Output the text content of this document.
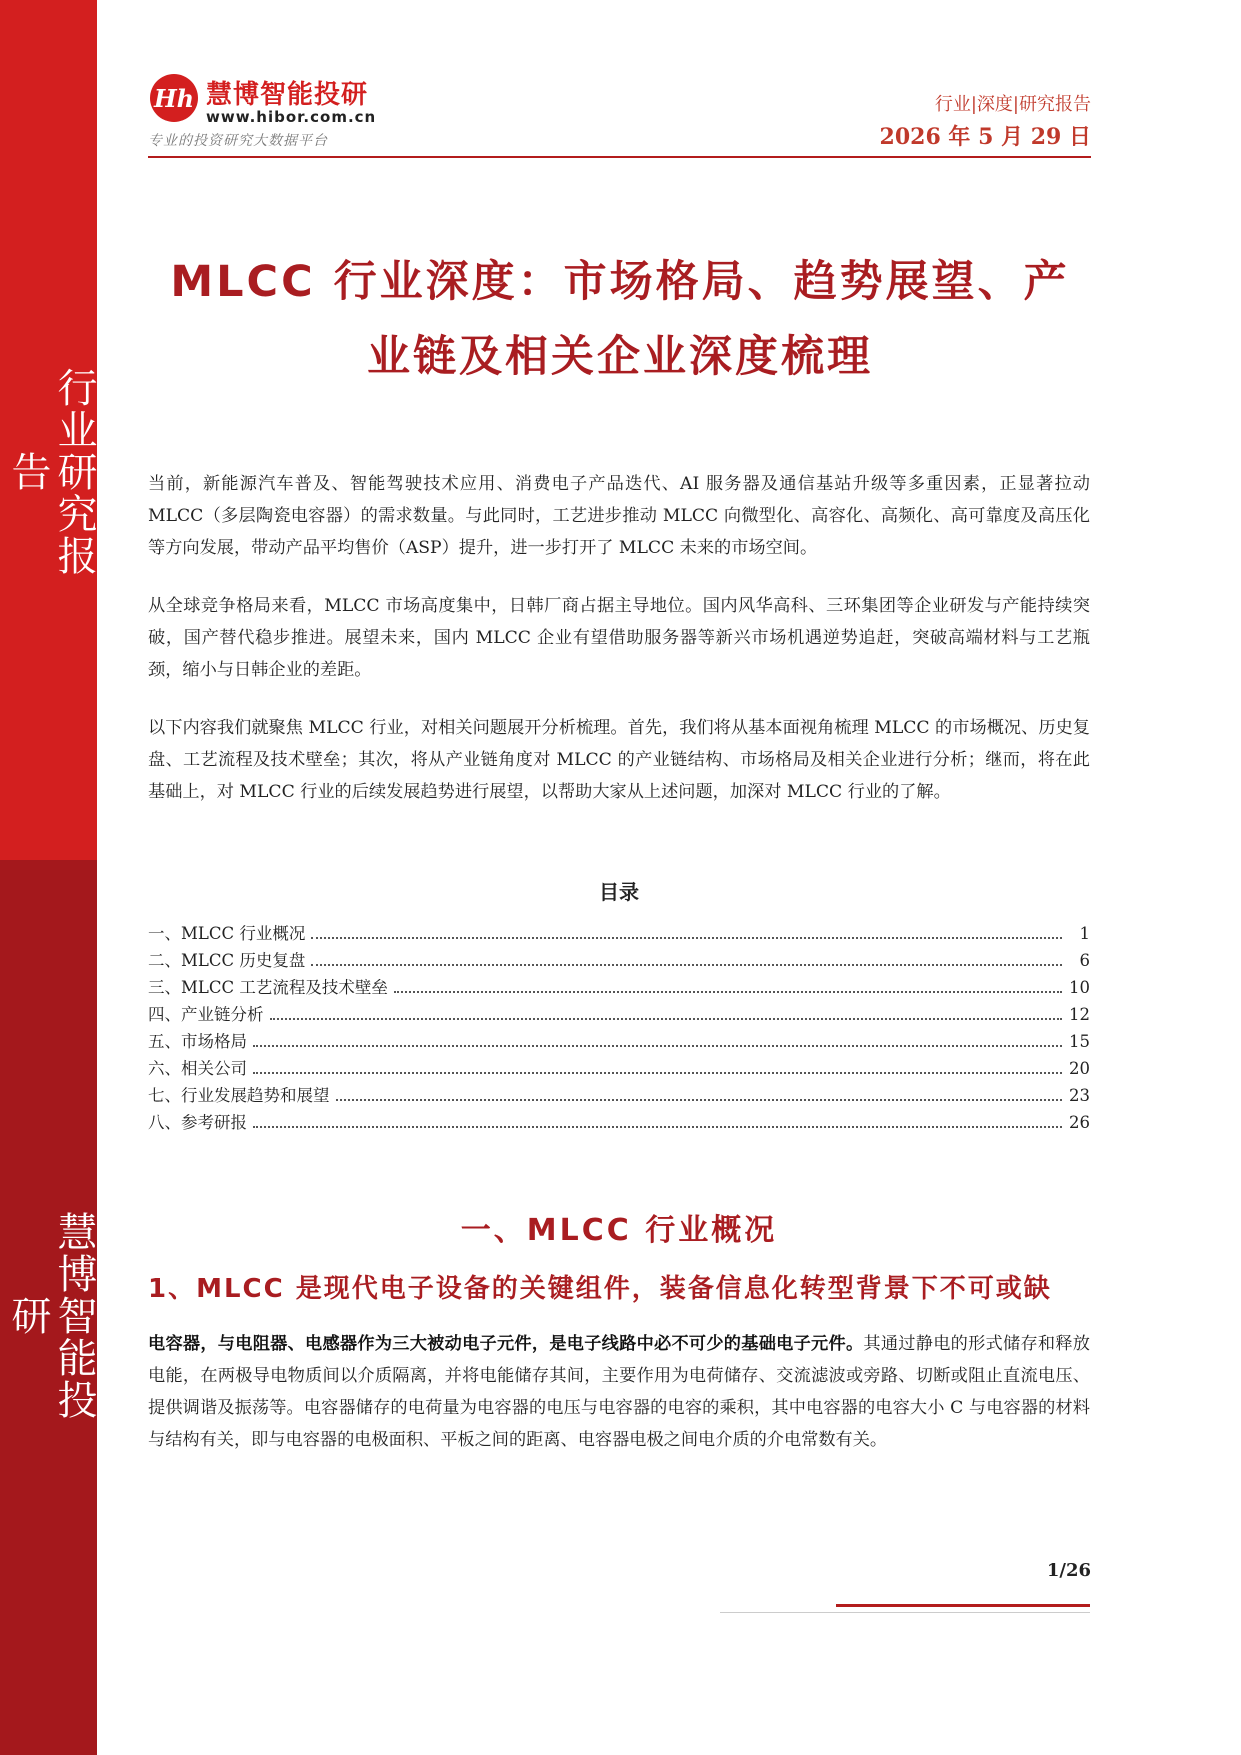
行业研究报告
慧博智能投研
Hh 慧博智能投研
www.hibor.com.cn
专业的投资研究大数据平台
行业|深度|研究报告
2026 年 5 月 29 日
MLCC 行业深度：市场格局、趋势展望、产
业链及相关企业深度梳理

当前，新能源汽车普及、智能驾驶技术应用、消费电子产品迭代、AI 服务器及通信基站升级等多重因素，正显著拉动 MLCC（多层陶瓷电容器）的需求数量。与此同时，工艺进步推动 MLCC 向微型化、高容化、高频化、高可靠度及高压化等方向发展，带动产品平均售价（ASP）提升，进一步打开了 MLCC 未来的市场空间。

从全球竞争格局来看，MLCC 市场高度集中，日韩厂商占据主导地位。国内风华高科、三环集团等企业研发与产能持续突破，国产替代稳步推进。展望未来，国内 MLCC 企业有望借助服务器等新兴市场机遇逆势追赶，突破高端材料与工艺瓶颈，缩小与日韩企业的差距。

以下内容我们就聚焦 MLCC 行业，对相关问题展开分析梳理。首先，我们将从基本面视角梳理 MLCC 的市场概况、历史复盘、工艺流程及技术壁垒；其次，将从产业链角度对 MLCC 的产业链结构、市场格局及相关企业进行分析；继而，将在此基础上，对 MLCC 行业的后续发展趋势进行展望，以帮助大家从上述问题，加深对 MLCC 行业的了解。

目录
一、MLCC 行业概况	1
二、MLCC 历史复盘	6
三、MLCC 工艺流程及技术壁垒	10
四、产业链分析	12
五、市场格局	15
六、相关公司	20
七、行业发展趋势和展望	23
八、参考研报	26
一、MLCC 行业概况
1、MLCC 是现代电子设备的关键组件，装备信息化转型背景下不可或缺

电容器，与电阻器、电感器作为三大被动电子元件，是电子线路中必不可少的基础电子元件。其通过静电的形式储存和释放电能，在两极导电物质间以介质隔离，并将电能储存其间，主要作用为电荷储存、交流滤波或旁路、切断或阻止直流电压、提供调谐及振荡等。电容器储存的电荷量为电容器的电压与电容器的电容的乘积，其中电容器的电容大小 C 与电容器的材料与结构有关，即与电容器的电极面积、平板之间的距离、电容器电极之间电介质的介电常数有关。

1/26
